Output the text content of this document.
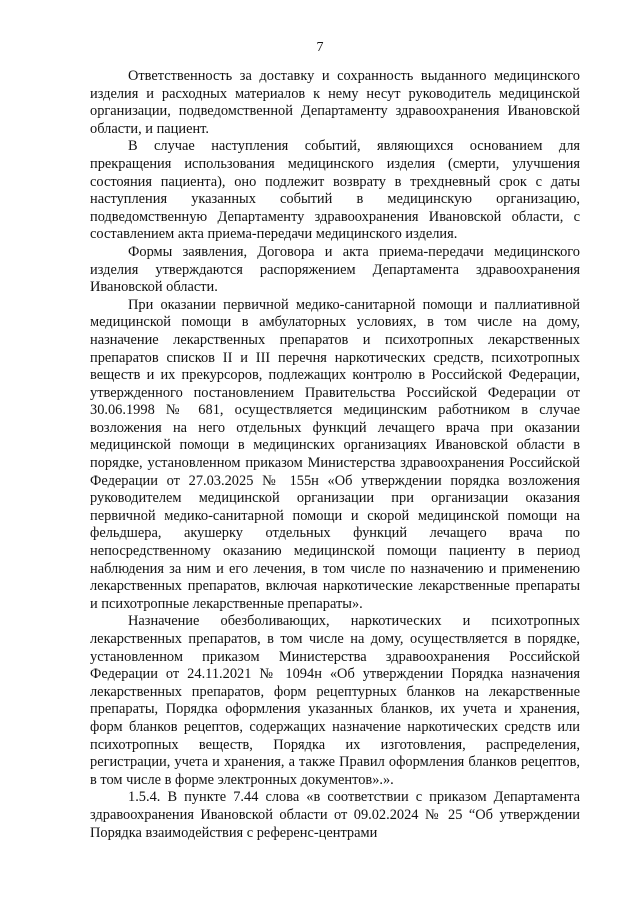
7

Ответственность за доставку и сохранность выданного медицинского изделия и расходных материалов к нему несут руководитель медицинской организации, подведомственной Департаменту здравоохранения Ивановской области, и пациент.

В случае наступления событий, являющихся основанием для прекращения использования медицинского изделия (смерти, улучшения состояния пациента), оно подлежит возврату в трехдневный срок с даты наступления указанных событий в медицинскую организацию, подведомственную Департаменту здравоохранения Ивановской области, с составлением акта приема-передачи медицинского изделия.

Формы заявления, Договора и акта приема-передачи медицинского изделия утверждаются распоряжением Департамента здравоохранения Ивановской области.

При оказании первичной медико-санитарной помощи и паллиативной медицинской помощи в амбулаторных условиях, в том числе на дому, назначение лекарственных препаратов и психотропных лекарственных препаратов списков II и III перечня наркотических средств, психотропных веществ и их прекурсоров, подлежащих контролю в Российской Федерации, утвержденного постановлением Правительства Российской Федерации от 30.06.1998 № 681, осуществляется медицинским работником в случае возложения на него отдельных функций лечащего врача при оказании медицинской помощи в медицинских организациях Ивановской области в порядке, установленном приказом Министерства здравоохранения Российской Федерации от 27.03.2025 № 155н «Об утверждении порядка возложения руководителем медицинской организации при организации оказания первичной медико-санитарной помощи и скорой медицинской помощи на фельдшера, акушерку отдельных функций лечащего врача по непосредственному оказанию медицинской помощи пациенту в период наблюдения за ним и его лечения, в том числе по назначению и применению лекарственных препаратов, включая наркотические лекарственные препараты и психотропные лекарственные препараты».

Назначение обезболивающих, наркотических и психотропных лекарственных препаратов, в том числе на дому, осуществляется в порядке, установленном приказом Министерства здравоохранения Российской Федерации от 24.11.2021 № 1094н «Об утверждении Порядка назначения лекарственных препаратов, форм рецептурных бланков на лекарственные препараты, Порядка оформления указанных бланков, их учета и хранения, форм бланков рецептов, содержащих назначение наркотических средств или психотропных веществ, Порядка их изготовления, распределения, регистрации, учета и хранения, а также Правил оформления бланков рецептов, в том числе в форме электронных документов».».

1.5.4. В пункте 7.44 слова «в соответствии с приказом Департамента здравоохранения Ивановской области от 09.02.2024 № 25 “Об утверждении Порядка взаимодействия с референс-центрами
